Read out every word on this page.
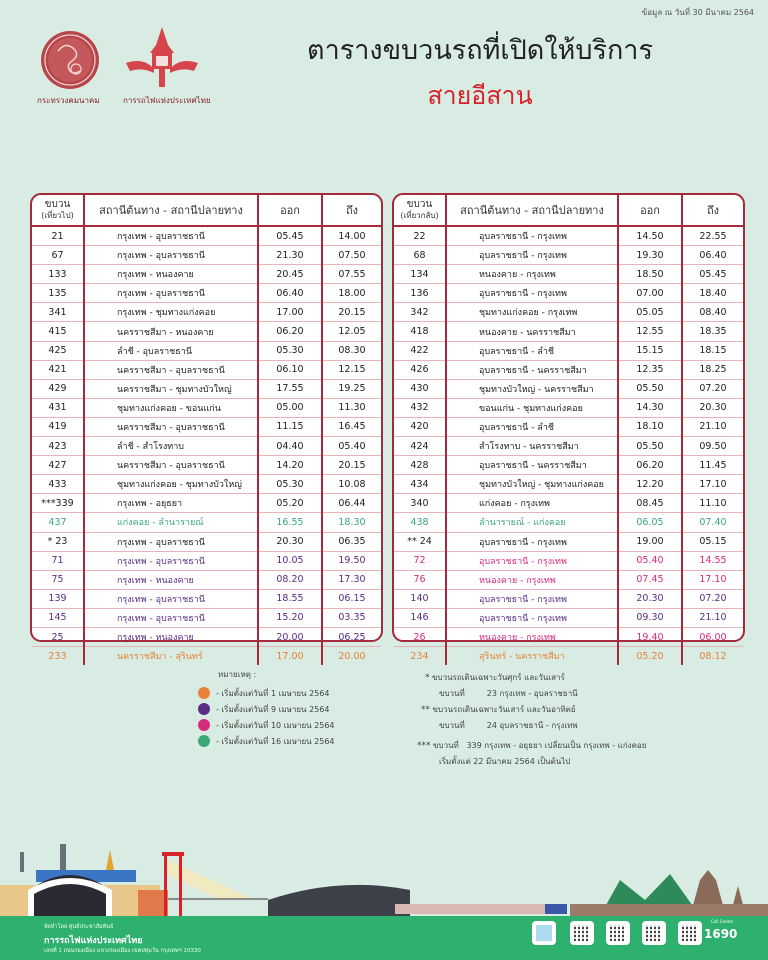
ข้อมูล ณ วันที่ 30 มีนาคม 2564
กระทรวงคมนาคม	การรถไฟแห่งประเทศไทย
ตารางขบวนรถที่เปิดให้บริการ
สายอีสาน
ขบวน
(เที่ยวไป)	สถานีต้นทาง - สถานีปลายทาง	ออก	ถึง
21	กรุงเทพ - อุบลราชธานี	05.45	14.00
67	กรุงเทพ - อุบลราชธานี	21.30	07.50
133	กรุงเทพ - หนองคาย	20.45	07.55
135	กรุงเทพ - อุบลราชธานี	06.40	18.00
341	กรุงเทพ - ชุมทางแก่งคอย	17.00	20.15
415	นครราชสีมา - หนองคาย	06.20	12.05
425	ลำชี - อุบลราชธานี	05.30	08.30
421	นครราชสีมา - อุบลราชธานี	06.10	12.15
429	นครราชสีมา - ชุมทางบัวใหญ่	17.55	19.25
431	ชุมทางแก่งคอย - ขอนแก่น	05.00	11.30
419	นครราชสีมา - อุบลราชธานี	11.15	16.45
423	ลำชี - สำโรงทาบ	04.40	05.40
427	นครราชสีมา - อุบลราชธานี	14.20	20.15
433	ชุมทางแก่งคอย - ชุมทางบัวใหญ่	05.30	10.08
***339	กรุงเทพ - อยุธยา	05.20	06.44
437	แก่งคอย - ลำนารายณ์	16.55	18.30
* 23	กรุงเทพ - อุบลราชธานี	20.30	06.35
71	กรุงเทพ - อุบลราชธานี	10.05	19.50
75	กรุงเทพ - หนองคาย	08.20	17.30
139	กรุงเทพ - อุบลราชธานี	18.55	06.15
145	กรุงเทพ - อุบลราชธานี	15.20	03.35
25	กรุงเทพ - หนองคาย	20.00	06.25
233	นครราชสีมา - สุรินทร์	17.00	20.00
ขบวน
(เที่ยวกลับ)	สถานีต้นทาง - สถานีปลายทาง	ออก	ถึง
22	อุบลราชธานี - กรุงเทพ	14.50	22.55
68	อุบลราชธานี - กรุงเทพ	19.30	06.40
134	หนองคาย - กรุงเทพ	18.50	05.45
136	อุบลราชธานี - กรุงเทพ	07.00	18.40
342	ชุมทางแก่งคอย - กรุงเทพ	05.05	08.40
418	หนองคาย - นครราชสีมา	12.55	18.35
422	อุบลราชธานี - ลำชี	15.15	18.15
426	อุบลราชธานี - นครราชสีมา	12.35	18.25
430	ชุมทางบัวใหญ่ - นครราชสีมา	05.50	07.20
432	ขอนแก่น - ชุมทางแก่งคอย	14.30	20.30
420	อุบลราชธานี - ลำชี	18.10	21.10
424	สำโรงทาบ - นครราชสีมา	05.50	09.50
428	อุบลราชธานี - นครราชสีมา	06.20	11.45
434	ชุมทางบัวใหญ่ - ชุมทางแก่งคอย	12.20	17.10
340	แก่งคอย - กรุงเทพ	08.45	11.10
438	ลำนารายณ์ - แก่งคอย	06.05	07.40
** 24	อุบลราชธานี - กรุงเทพ	19.00	05.15
72	อุบลราชธานี - กรุงเทพ	05.40	14.55
76	หนองคาย - กรุงเทพ	07.45	17.10
140	อุบลราชธานี - กรุงเทพ	20.30	07.20
146	อุบลราชธานี - กรุงเทพ	09.30	21.10
26	หนองคาย - กรุงเทพ	19.40	06.00
234	สุรินทร์ - นครราชสีมา	05.20	08.12
หมายเหตุ :
- เริ่มตั้งแต่วันที่ 1 เมษายน 2564
- เริ่มตั้งแต่วันที่ 9 เมษายน 2564
- เริ่มตั้งแต่วันที่ 10 เมษายน 2564
- เริ่มตั้งแต่วันที่ 16 เมษายน 2564
* ขบวนรถเดินเฉพาะวันศุกร์ และวันเสาร์
ขบวนที่	23 กรุงเทพ - อุบลราชธานี
** ขบวนรถเดินเฉพาะวันเสาร์ และวันอาทิตย์
ขบวนที่	24 อุบลราชธานี - กรุงเทพ
*** ขบวนที่   339 กรุงเทพ - อยุธยา เปลี่ยนเป็น กรุงเทพ - แก่งคอย
เริ่มตั้งแต่ 22 มีนาคม 2564 เป็นต้นไป
จัดทำโดย ศูนย์ประชาสัมพันธ์
การรถไฟแห่งประเทศไทย
เลขที่ 1 ถนนรองเมือง แขวงรองเมือง เขตปทุมวัน กรุงเทพฯ 10330
Call Center
1690
